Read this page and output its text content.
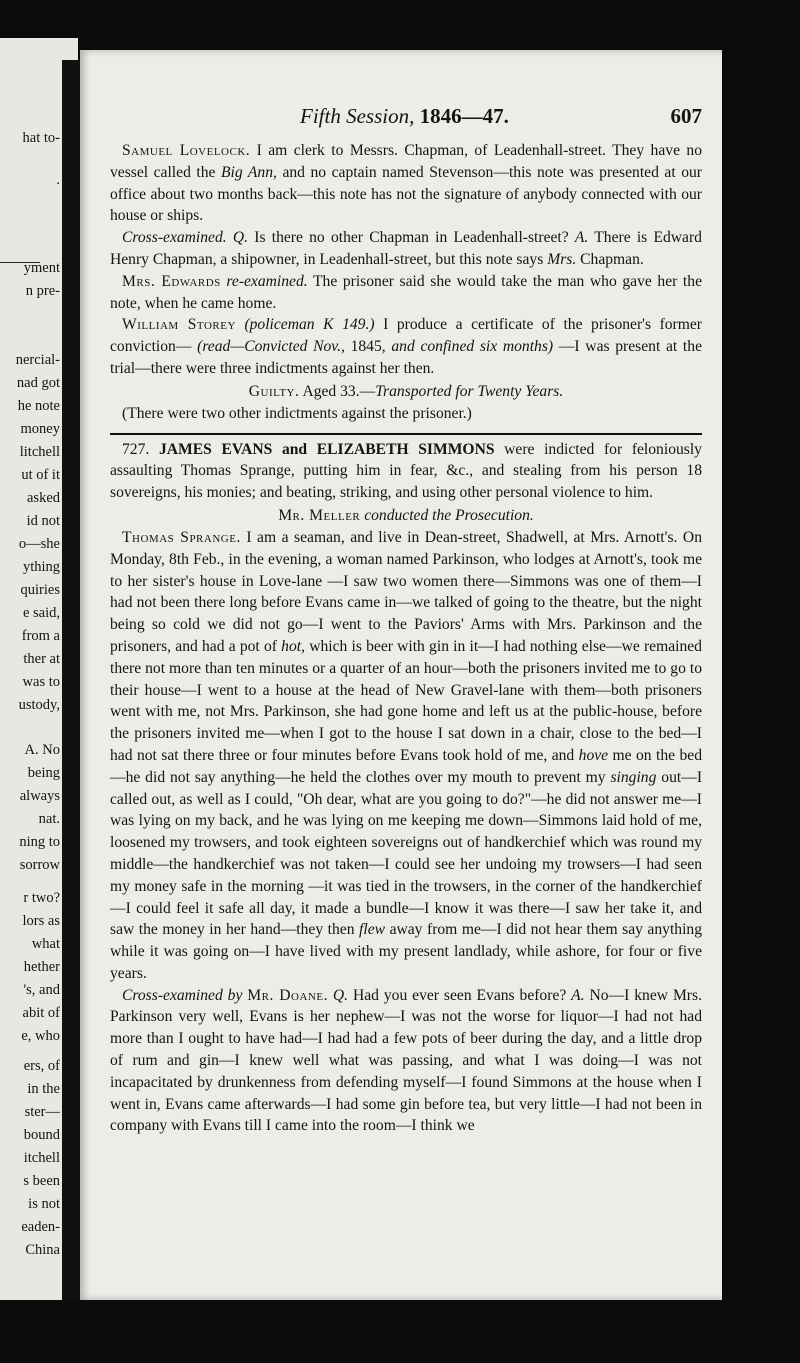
hat to-
.
yment
n pre-
nercial-
nad got
he note
money
litchell
ut of it
asked
id not
o—she
ything
quiries
e said,
from a
ther at
was to
ustody,
A. No
being
always
nat.
ning to
sorrow
r two?
lors as
what
hether
's, and
abit of
e, who
ers, of
in the
ster—
bound
itchell
s been
is not
eaden-
China
Fifth Session, 1846—47.	607

Samuel Lovelock. I am clerk to Messrs. Chapman, of Leadenhall-street. They have no vessel called the Big Ann, and no captain named Stevenson—this note was presented at our office about two months back—this note has not the signature of anybody connected with our house or ships.

Cross-examined. Q. Is there no other Chapman in Leadenhall-street? A. There is Edward Henry Chapman, a shipowner, in Leadenhall-street, but this note says Mrs. Chapman.

Mrs. Edwards re-examined. The prisoner said she would take the man who gave her the note, when he came home.

William Storey (policeman K 149.) I produce a certificate of the prisoner's former conviction— (read—Convicted Nov., 1845, and confined six months) —I was present at the trial—there were three indictments against her then.

Guilty. Aged 33.—Transported for Twenty Years.

(There were two other indictments against the prisoner.)

727. JAMES EVANS and ELIZABETH SIMMONS were indicted for feloniously assaulting Thomas Sprange, putting him in fear, &c., and stealing from his person 18 sovereigns, his monies; and beating, striking, and using other personal violence to him.

Mr. Meller conducted the Prosecution.

Thomas Sprange. I am a seaman, and live in Dean-street, Shadwell, at Mrs. Arnott's. On Monday, 8th Feb., in the evening, a woman named Parkinson, who lodges at Arnott's, took me to her sister's house in Love-lane —I saw two women there—Simmons was one of them—I had not been there long before Evans came in—we talked of going to the theatre, but the night being so cold we did not go—I went to the Paviors' Arms with Mrs. Parkinson and the prisoners, and had a pot of hot, which is beer with gin in it—I had nothing else—we remained there not more than ten minutes or a quarter of an hour—both the prisoners invited me to go to their house—I went to a house at the head of New Gravel-lane with them—both prisoners went with me, not Mrs. Parkinson, she had gone home and left us at the public-house, before the prisoners invited me—when I got to the house I sat down in a chair, close to the bed—I had not sat there three or four minutes before Evans took hold of me, and hove me on the bed—he did not say anything—he held the clothes over my mouth to prevent my singing out—I called out, as well as I could, "Oh dear, what are you going to do?"—he did not answer me—I was lying on my back, and he was lying on me keeping me down—Simmons laid hold of me, loosened my trowsers, and took eighteen sovereigns out of handkerchief which was round my middle—the handkerchief was not taken—I could see her undoing my trowsers—I had seen my money safe in the morning —it was tied in the trowsers, in the corner of the handkerchief—I could feel it safe all day, it made a bundle—I know it was there—I saw her take it, and saw the money in her hand—they then flew away from me—I did not hear them say anything while it was going on—I have lived with my present landlady, while ashore, for four or five years.

Cross-examined by Mr. Doane. Q. Had you ever seen Evans before? A. No—I knew Mrs. Parkinson very well, Evans is her nephew—I was not the worse for liquor—I had not had more than I ought to have had—I had had a few pots of beer during the day, and a little drop of rum and gin—I knew well what was passing, and what I was doing—I was not incapacitated by drunkenness from defending myself—I found Simmons at the house when I went in, Evans came afterwards—I had some gin before tea, but very little—I had not been in company with Evans till I came into the room—I think we
